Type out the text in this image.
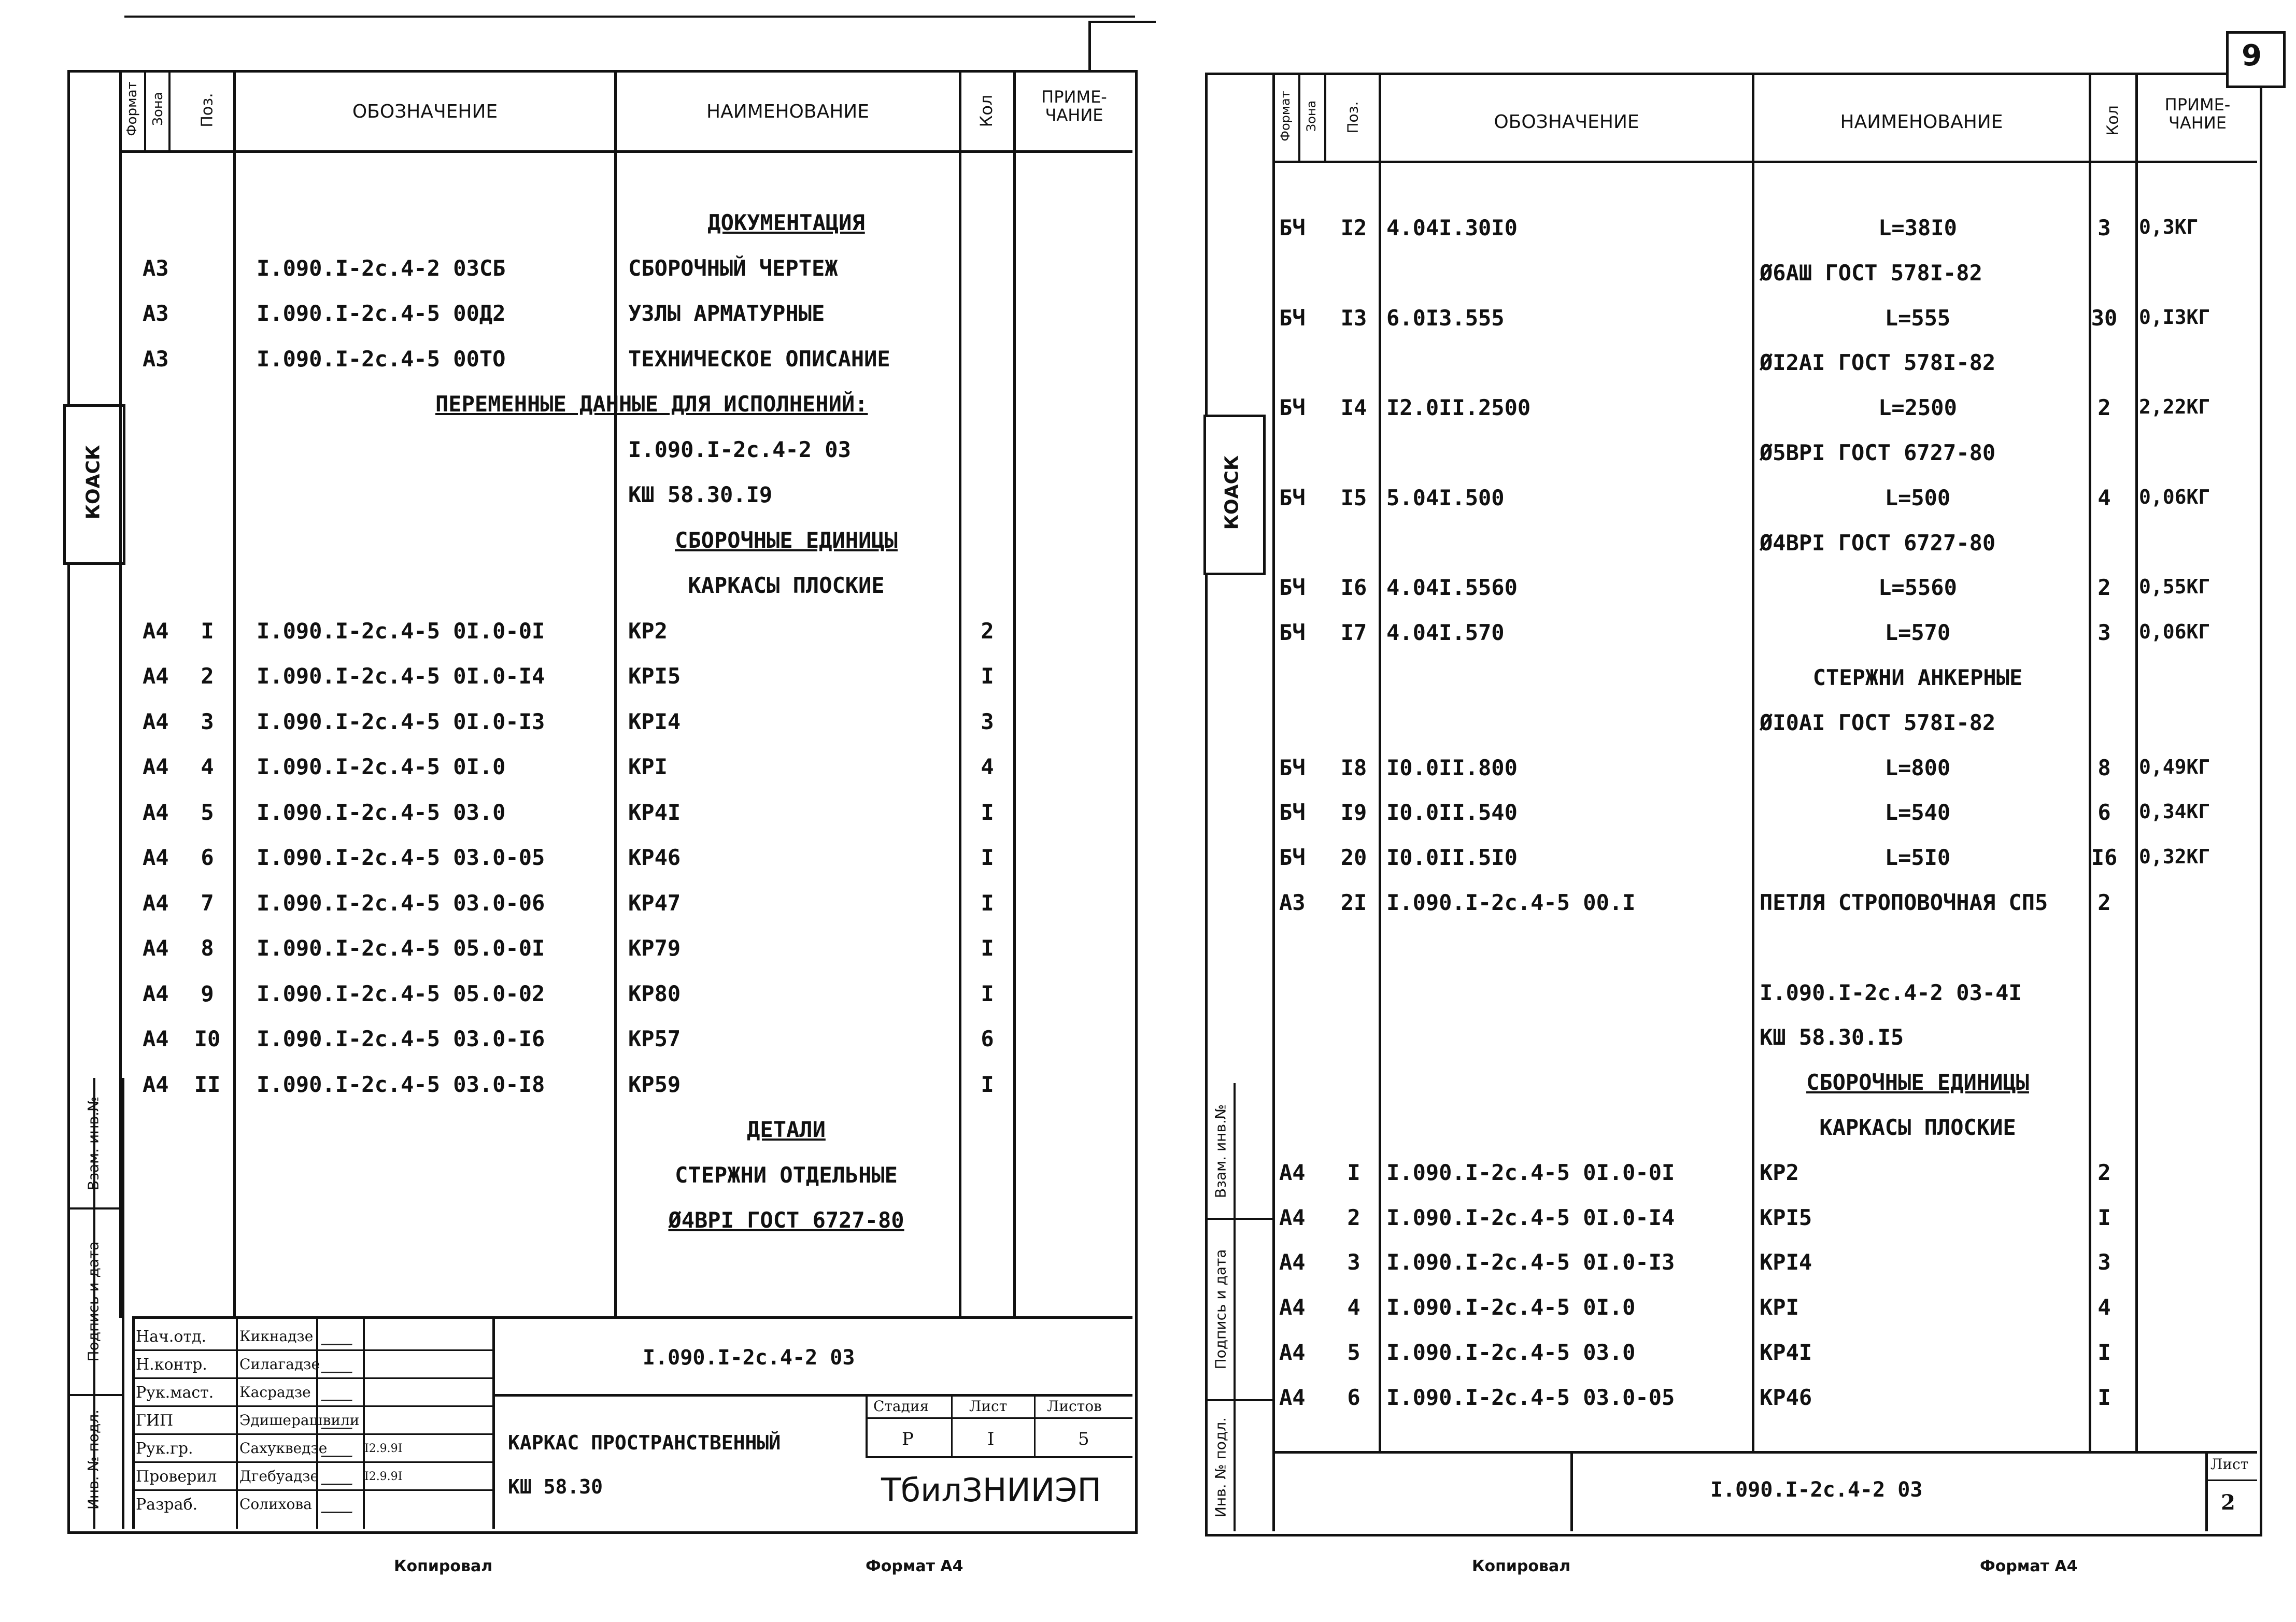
КОАСК
Формат Зона Поз.	ОБОЗНАЧЕНИЕ	НАИМЕНОВАНИЕ	Кол	ПРИМЕ-
ЧАНИЕ
ДОКУМЕНТАЦИЯ
А3	I.090.I-2с.4-2 03СБ	СБОРОЧНЫЙ ЧЕРТЕЖ
А3	I.090.I-2с.4-5 00Д2	УЗЛЫ АРМАТУРНЫЕ
А3	I.090.I-2с.4-5 00ТО	ТЕХНИЧЕСКОЕ ОПИСАНИЕ
ПЕРЕМЕННЫЕ ДАННЫЕ ДЛЯ ИСПОЛНЕНИЙ:
I.090.I-2с.4-2 03
КШ 58.30.I9
СБОРОЧНЫЕ ЕДИНИЦЫ
КАРКАСЫ ПЛОСКИЕ
А4 I I.090.I-2с.4-5 0I.0-0I	КР2	2
А4 2 I.090.I-2с.4-5 0I.0-I4	КРI5	I
А4 3 I.090.I-2с.4-5 0I.0-I3	КРI4	3
А4 4 I.090.I-2с.4-5 0I.0	КРI	4
А4 5 I.090.I-2с.4-5 03.0	КР4I	I
А4 6 I.090.I-2с.4-5 03.0-05	КР46	I
А4 7 I.090.I-2с.4-5 03.0-06	КР47	I
А4 8 I.090.I-2с.4-5 05.0-0I	КР79	I
А4 9 I.090.I-2с.4-5 05.0-02	КР80	I
А4 I0 I.090.I-2с.4-5 03.0-I6	КР57	6
А4 II I.090.I-2с.4-5 03.0-I8	КР59	I
ДЕТАЛИ
СТЕРЖНИ ОТДЕЛЬНЫЕ
Ø4ВРI ГОСТ 6727-80
Взам. инв.№
Подпись и дата
Инв. № подл.
Нач.отд. Кикнадзе
Н.контр. Силагадзе
Рук.маст. Касрадзе
ГИП	Эдишерашвили
Рук.гр.	Сахукведзе	I2.9.9I
Проверил Дгебуадзе	I2.9.9I
Разраб.	Солихова
I.090.I-2с.4-2 03
КАРКАС ПРОСТРАНСТВЕННЫЙ
КШ 58.30
Стадия	Лист	Листов
Р	I	5
ТбилЗНИИЭП
Копировал	Формат А4
9
КОАСК
Формат Зона Поз.	ОБОЗНАЧЕНИЕ	НАИМЕНОВАНИЕ	Кол
ПРИМЕ-
ЧАНИЕ
БЧ I2 4.04I.30I0	L=38I0	3 0,3КГ
Ø6АШ ГОСТ 578I-82
БЧ I3 6.0I3.555	L=555	30 0,I3КГ
ØI2АI ГОСТ 578I-82
БЧ I4 I2.0II.2500	L=2500	2 2,22КГ
Ø5ВРI ГОСТ 6727-80
БЧ I5 5.04I.500	L=500	4 0,06КГ
Ø4ВРI ГОСТ 6727-80
БЧ I6 4.04I.5560	L=5560	2 0,55КГ
БЧ I7 4.04I.570	L=570	3 0,06КГ
СТЕРЖНИ АНКЕРНЫЕ
ØI0АI ГОСТ 578I-82
БЧ I8 I0.0II.800	L=800	8 0,49КГ
БЧ I9 I0.0II.540	L=540	6 0,34КГ
БЧ 20 I0.0II.5I0	L=5I0	I6 0,32КГ
А3 2I I.090.I-2с.4-5 00.I	ПЕТЛЯ СТРОПОВОЧНАЯ СП5 2
I.090.I-2с.4-2 03-4I
КШ 58.30.I5
СБОРОЧНЫЕ ЕДИНИЦЫ
КАРКАСЫ ПЛОСКИЕ
А4 I I.090.I-2с.4-5 0I.0-0I	КР2	2
А4 2 I.090.I-2с.4-5 0I.0-I4	КРI5	I
А4 3 I.090.I-2с.4-5 0I.0-I3	КРI4	3
А4 4 I.090.I-2с.4-5 0I.0	КРI	4
А4 5 I.090.I-2с.4-5 03.0	КР4I	I
А4 6 I.090.I-2с.4-5 03.0-05	КР46	I
Взам. инв.№
Подпись и дата
Инв. № подл.	I.090.I-2с.4-2 03
Лист
2
Копировал	Формат А4
